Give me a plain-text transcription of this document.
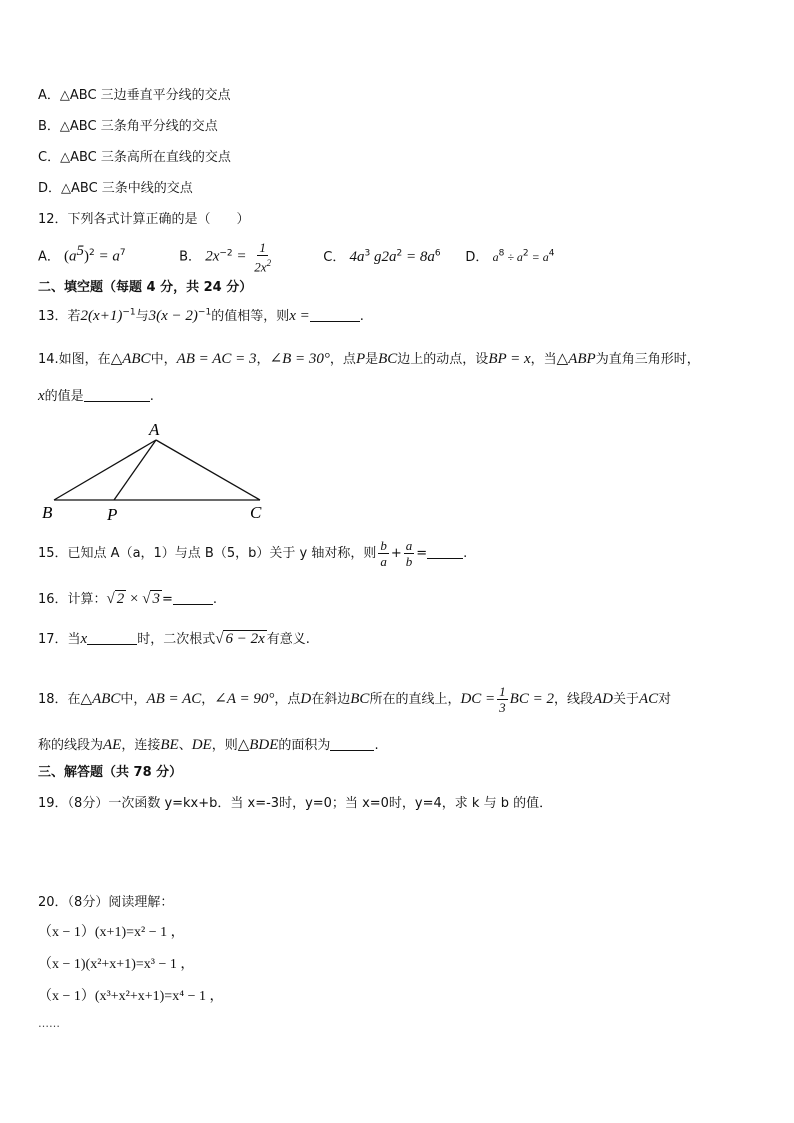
A．△ABC 三边垂直平分线的交点
B．△ABC 三条角平分线的交点
C．△ABC 三条高所在直线的交点
D．△ABC 三条中线的交点
12．下列各式计算正确的是（　　）
A． $(a^5)^2 = a^7$	B． $2x^{-2} = \frac{1}{2x^2}$	C． $4a^3$ $g2a^2 = 8a^6$ D． $a^8 \div a^2 = a^4$
二、填空题（每题 4 分，共 24 分）
13．若$2(x+1)^{-1}$与$3(x - 2)^{-1}$的值相等，则x =	.
14.如图，在△ABC中，AB = AC = 3，∠B = 30°，点P是BC边上的动点，设BP = x，当△ABP为直角三角形时，
x的值是	.
A
B	P	C
15．已知点 A（a，1）与点 B（5，b）关于 y 轴对称，则 $\frac{b}{a} + \frac{a}{b}$ =	.
16．计算：√ 2 × √ 3 =	.
17．当x	时，二次根式√ 6 − 2x 有意义.
18．在△ABC中，AB = AC，∠A = 90°，点D在斜边BC所在的直线上，DC = $\frac{1}{3}$ BC = 2，线段AD关于AC对
称的线段为AE，连接BE、DE，则△BDE的面积为	.
三、解答题（共 78 分）
19．（8分）一次函数 y=kx+b．当 x=-3时，y=0；当 x=0时，y=4，求 k 与 b 的值．
20．（8分）阅读理解：
（x − 1）(x+1)=x² − 1 ，
（x − 1)(x²+x+1)=x³ − 1 ，
（x − 1）(x³+x²+x+1)=x⁴ − 1 ，
……
